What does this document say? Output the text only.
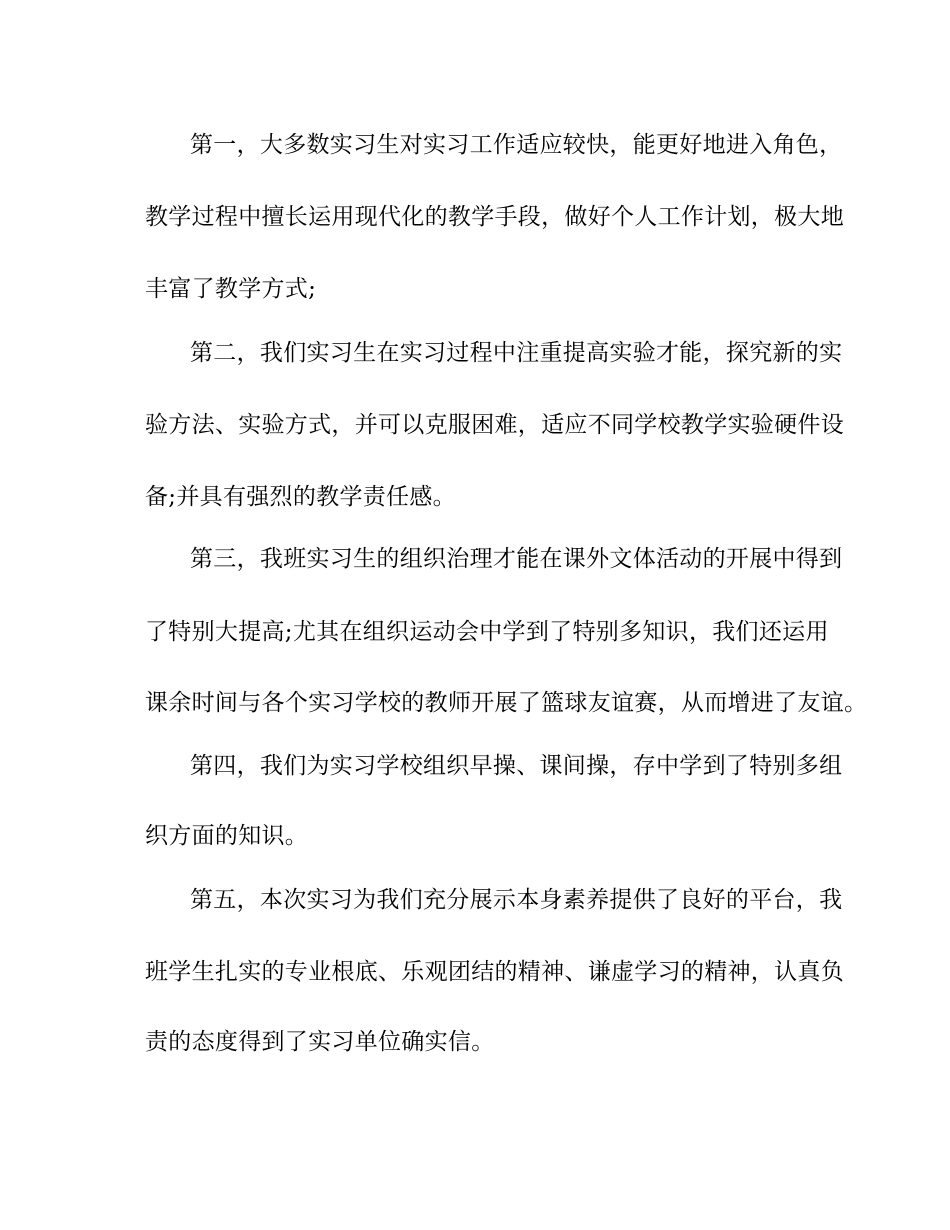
第一，大多数实习生对实习工作适应较快，能更好地进入角色，

教学过程中擅长运用现代化的教学手段，做好个人工作计划，极大地

丰富了教学方式;

第二，我们实习生在实习过程中注重提高实验才能，探究新的实

验方法、实验方式，并可以克服困难，适应不同学校教学实验硬件设

备;并具有强烈的教学责任感。

第三，我班实习生的组织治理才能在课外文体活动的开展中得到

了特别大提高;尤其在组织运动会中学到了特别多知识，我们还运用

课余时间与各个实习学校的教师开展了篮球友谊赛，从而增进了友谊。

第四，我们为实习学校组织早操、课间操，存中学到了特别多组

织方面的知识。

第五，本次实习为我们充分展示本身素养提供了良好的平台，我

班学生扎实的专业根底、乐观团结的精神、谦虚学习的精神，认真负

责的态度得到了实习单位确实信。
